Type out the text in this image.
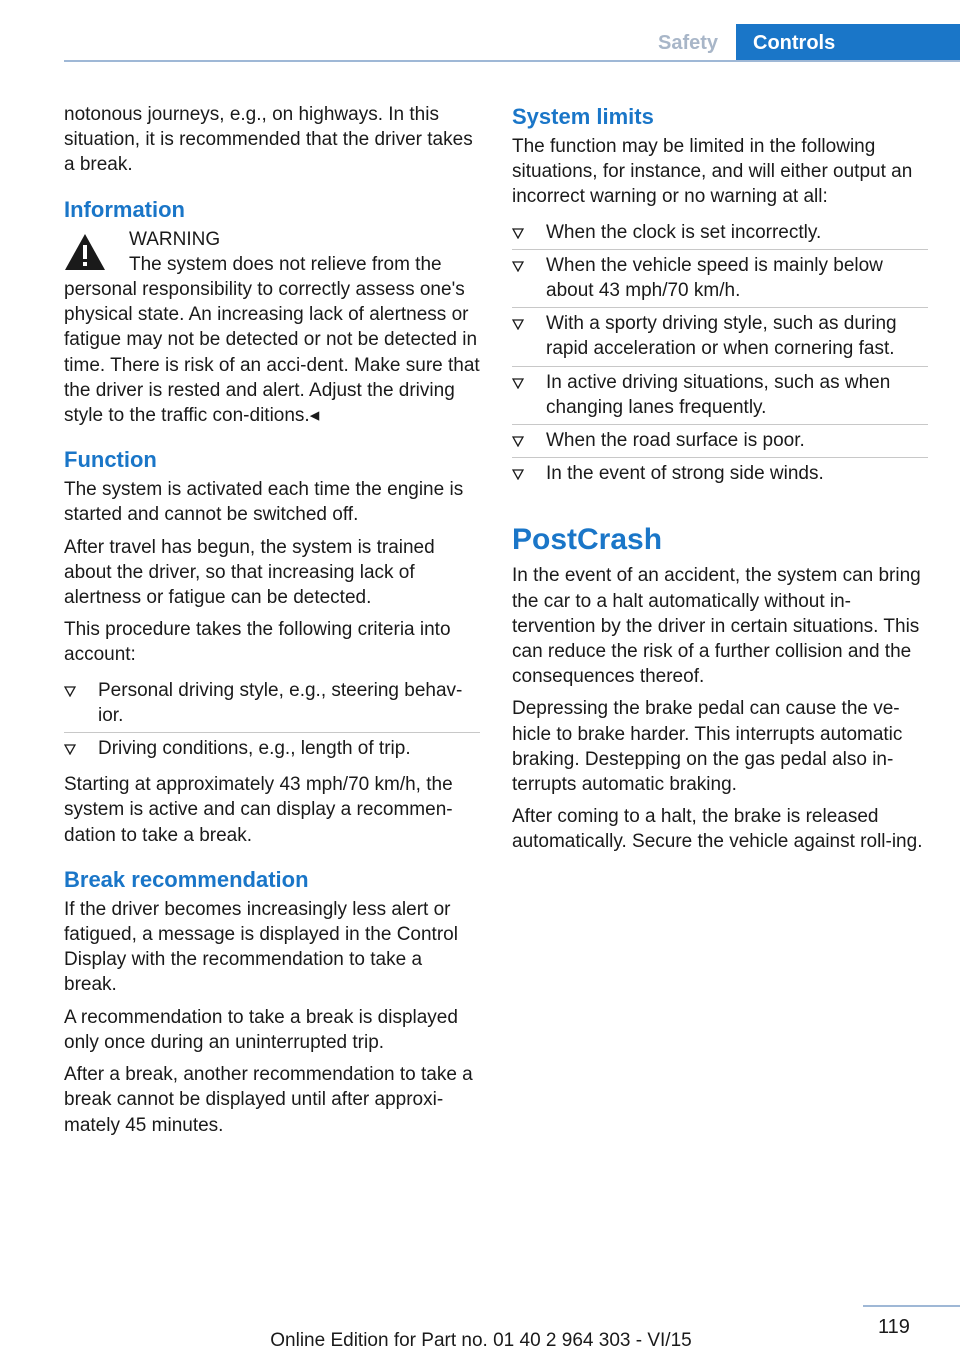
Safety	Controls

notonous journeys, e.g., on highways. In this situation, it is recommended that the driver takes a break.

Information
WARNING
The system does not relieve from the personal responsibility to correctly assess one's physical state. An increasing lack of alertness or fatigue may not be detected or not be detected in time. There is risk of an acci‐dent. Make sure that the driver is rested and alert. Adjust the driving style to the traffic con‐ditions.◂
Function

The system is activated each time the engine is started and cannot be switched off.

After travel has begun, the system is trained about the driver, so that increasing lack of alertness or fatigue can be detected.

This procedure takes the following criteria into account:

Personal driving style, e.g., steering behav‐ior.
Driving conditions, e.g., length of trip.

Starting at approximately 43 mph/70 km/h, the system is active and can display a recommen‐dation to take a break.

Break recommendation

If the driver becomes increasingly less alert or fatigued, a message is displayed in the Control Display with the recommendation to take a break.

A recommendation to take a break is displayed only once during an uninterrupted trip.

After a break, another recommendation to take a break cannot be displayed until after approxi‐mately 45 minutes.

System limits

The function may be limited in the following situations, for instance, and will either output an incorrect warning or no warning at all:

When the clock is set incorrectly.
When the vehicle speed is mainly below about 43 mph/70 km/h.
With a sporty driving style, such as during rapid acceleration or when cornering fast.
In active driving situations, such as when changing lanes frequently.
When the road surface is poor.
In the event of strong side winds.
PostCrash

In the event of an accident, the system can bring the car to a halt automatically without in‐tervention by the driver in certain situations. This can reduce the risk of a further collision and the consequences thereof.

Depressing the brake pedal can cause the ve‐hicle to brake harder. This interrupts automatic braking. Destepping on the gas pedal also in‐terrupts automatic braking.

After coming to a halt, the brake is released automatically. Secure the vehicle against roll‐ing.

119
Online Edition for Part no. 01 40 2 964 303 - VI/15
